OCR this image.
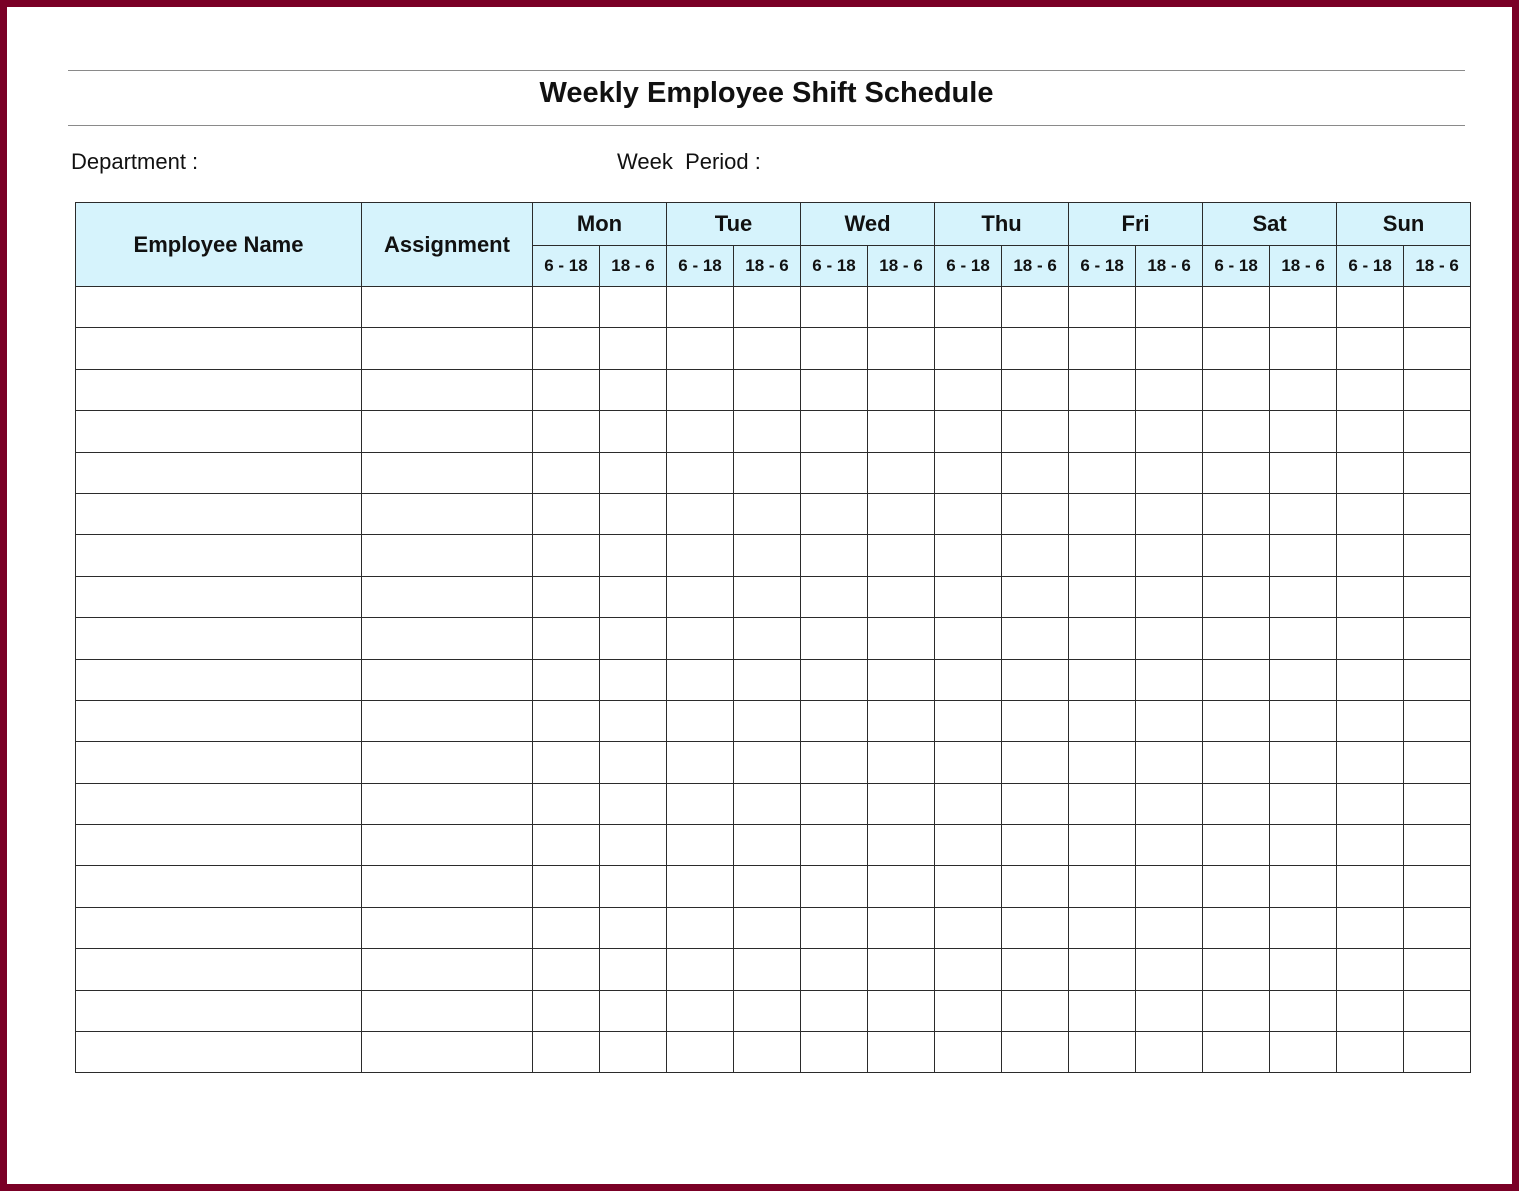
Weekly Employee Shift Schedule
Department :	Week  Period :
Employee Name	Assignment	Mon		Tue		Wed		Thu		Fri		Sat		Sun	
		6 - 18	18 - 6	6 - 18	18 - 6	6 - 18	18 - 6	6 - 18	18 - 6	6 - 18	18 - 6	6 - 18	18 - 6	6 - 18	18 - 6
